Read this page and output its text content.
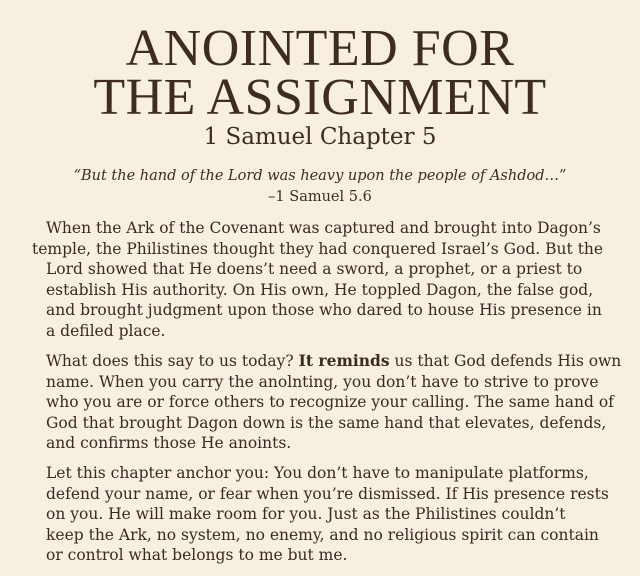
ANOINTED FOR
THE ASSIGNMENT
1 Samuel Chapter 5
“But the hand of the Lord was heavy upon the people of Ashdod…”
–1 Samuel 5.6
When the Ark of the Covenant was captured and brought into Dagon’s
temple, the Philistines thought they had conquered Israel’s God. But the
Lord showed that He doens’t need a sword, a prophet, or a priest to
establish His authority. On His own, He toppled Dagon, the false god,
and brought judgment upon those who dared to house His presence in
a defiled place.
What does this say to us today? It reminds us that God defends His own
name. When you carry the anolnting, you don’t have to strive to prove
who you are or force others to recognize your calling. The same hand of
God that brought Dagon down is the same hand that elevates, defends,
and confirms those He anoints.
Let this chapter anchor you: You don’t have to manipulate platforms,
defend your name, or fear when you’re dismissed. If His presence rests
on you. He will make room for you. Just as the Philistines couldn’t
keep the Ark, no system, no enemy, and no religious spirit can contain
or control what belongs to me but me.
